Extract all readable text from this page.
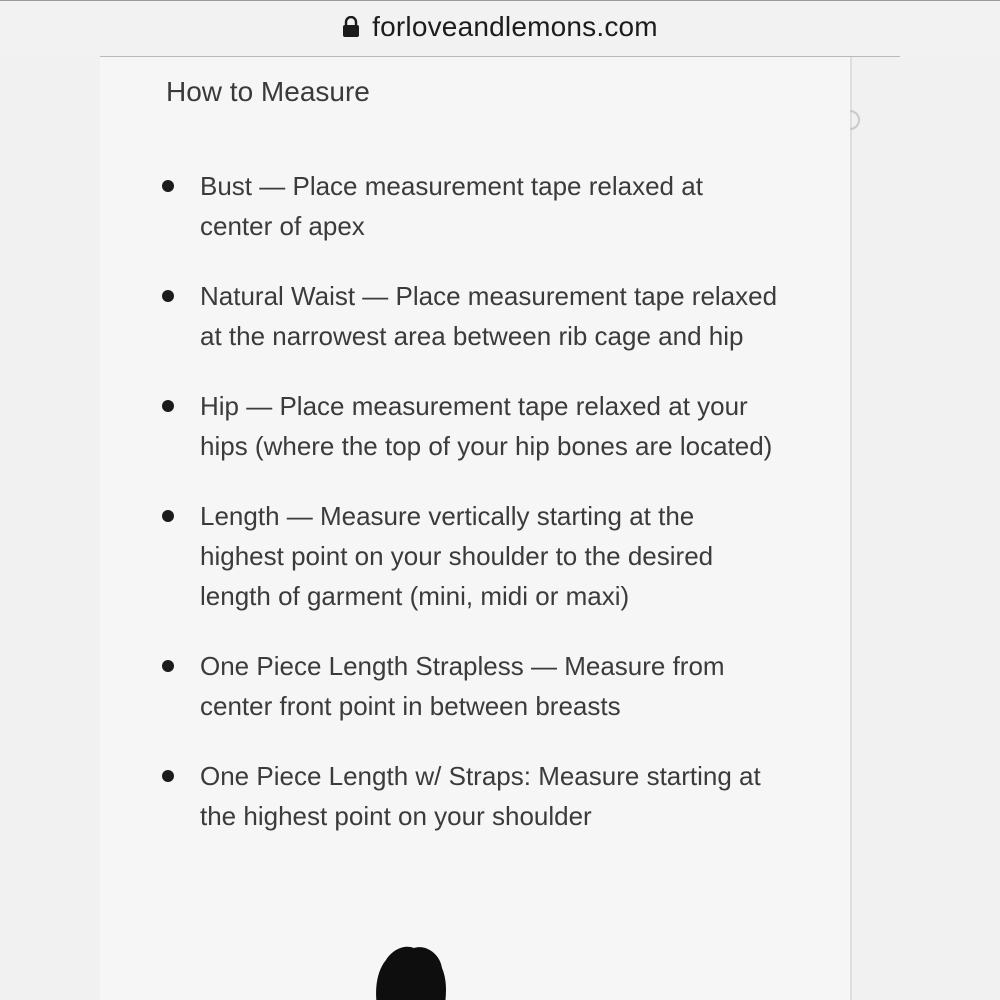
forloveandlemons.com
How to Measure
Bust — Place measurement tape relaxed at center of apex
Natural Waist — Place measurement tape relaxed at the narrowest area between rib cage and hip
Hip — Place measurement tape relaxed at your hips (where the top of your hip bones are located)
Length — Measure vertically starting at the highest point on your shoulder to the desired length of garment (mini, midi or maxi)
One Piece Length Strapless — Measure from center front point in between breasts
One Piece Length w/ Straps: Measure starting at the highest point on your shoulder
